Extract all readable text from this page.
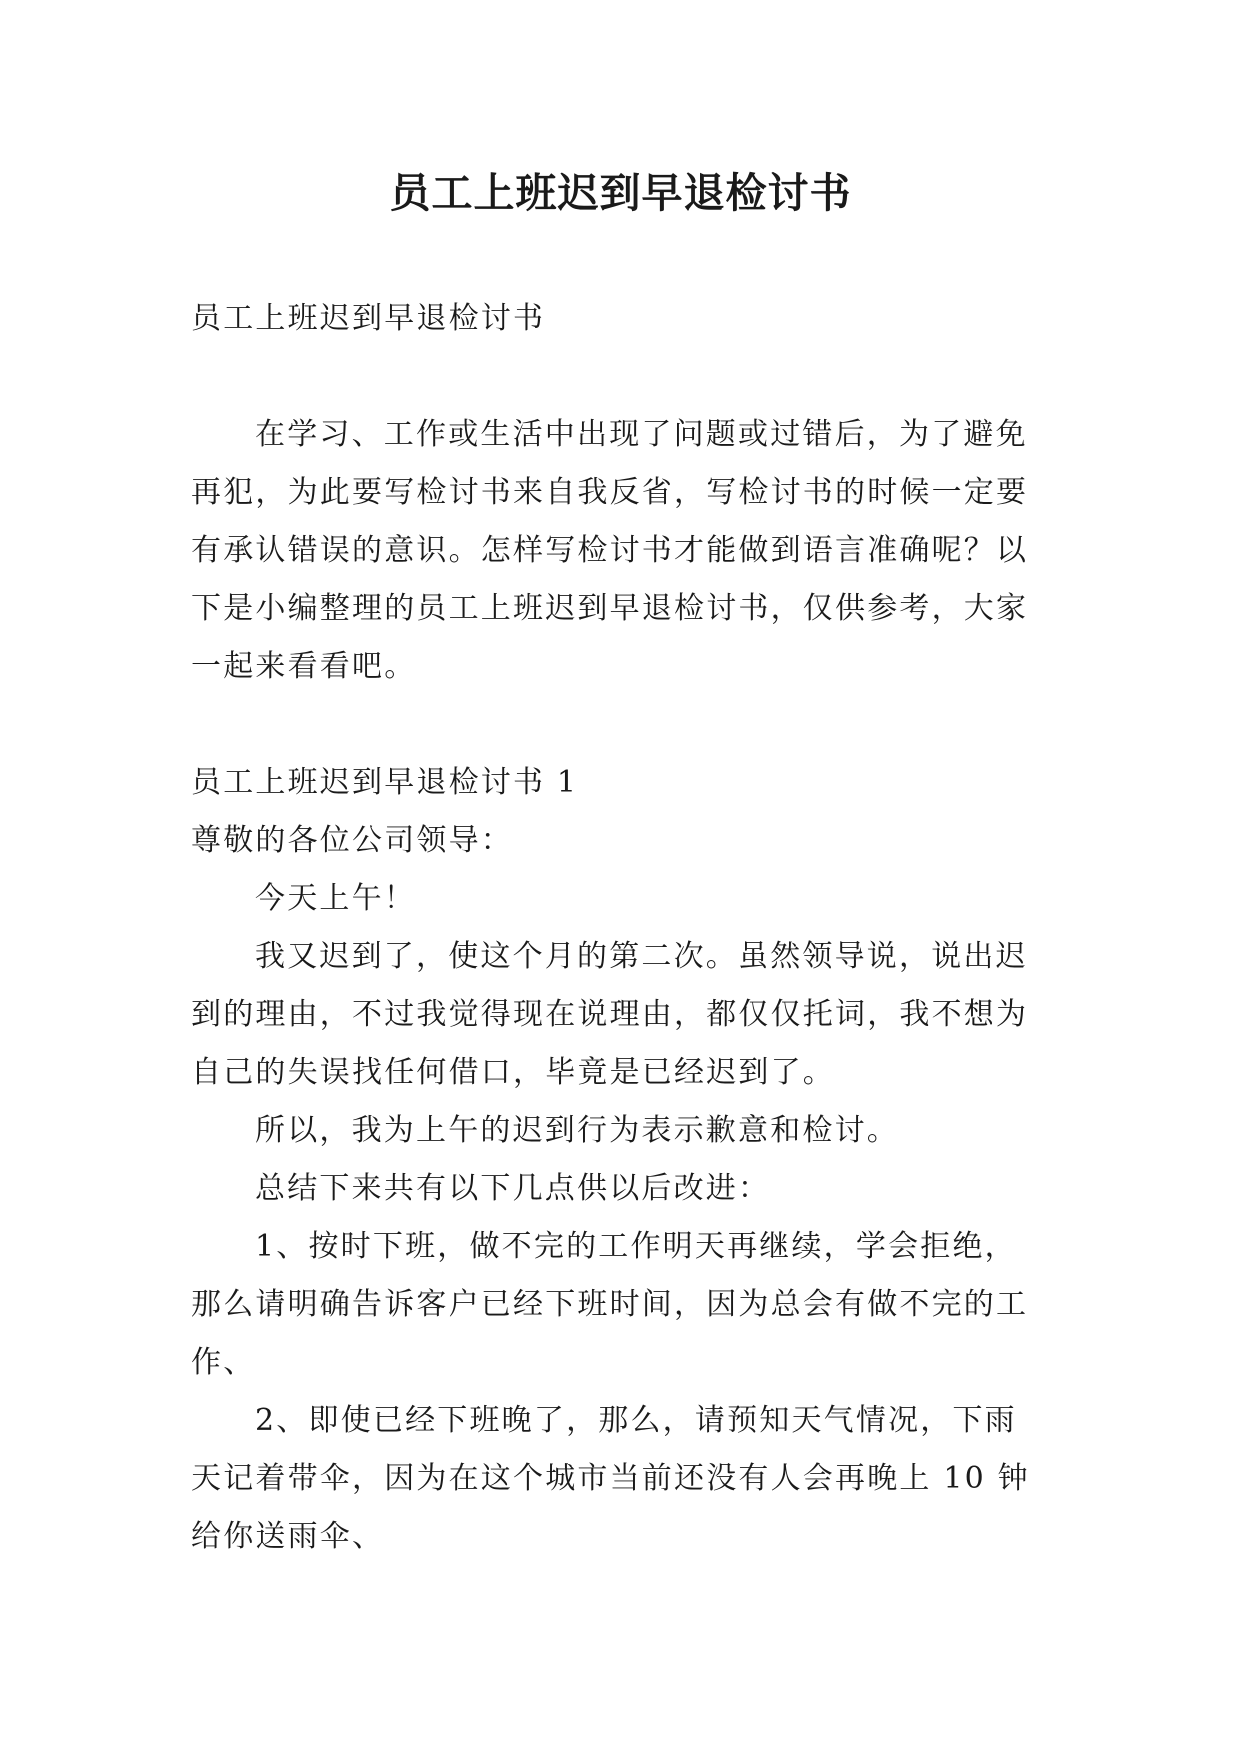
员工上班迟到早退检讨书
员工上班迟到早退检讨书
在学习、工作或生活中出现了问题或过错后，为了避免
再犯，为此要写检讨书来自我反省，写检讨书的时候一定要
有承认错误的意识。怎样写检讨书才能做到语言准确呢？以
下是小编整理的员工上班迟到早退检讨书，仅供参考，大家
一起来看看吧。
员工上班迟到早退检讨书 1
尊敬的各位公司领导：
今天上午！
我又迟到了，使这个月的第二次。虽然领导说，说出迟
到的理由，不过我觉得现在说理由，都仅仅托词，我不想为
自己的失误找任何借口，毕竟是已经迟到了。
所以，我为上午的迟到行为表示歉意和检讨。
总结下来共有以下几点供以后改进：
1、按时下班，做不完的工作明天再继续，学会拒绝，
那么请明确告诉客户已经下班时间，因为总会有做不完的工
作、
2、即使已经下班晚了，那么，请预知天气情况，下雨
天记着带伞，因为在这个城市当前还没有人会再晚上 10 钟
给你送雨伞、
